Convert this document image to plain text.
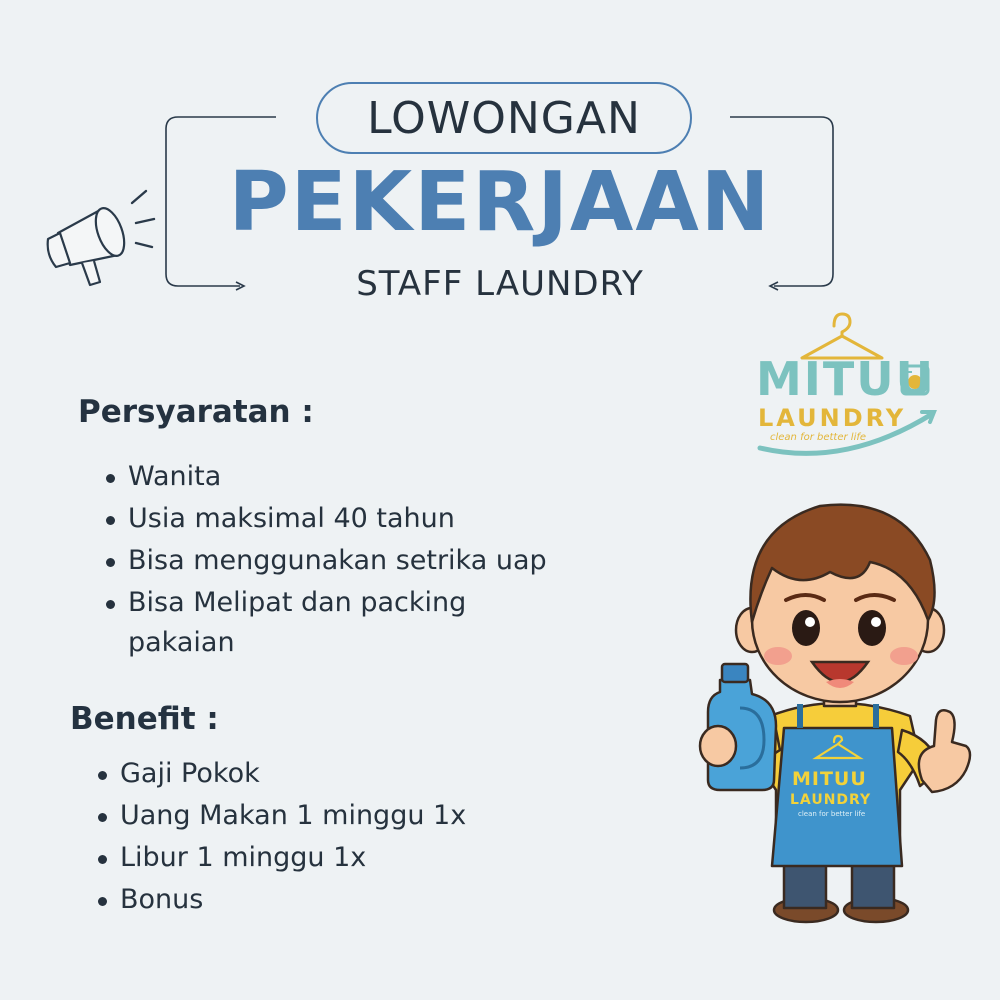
LOWONGAN
PEKERJAAN
STAFF LAUNDRY
MITUU
LAUNDRY
clean for better life
Persyaratan :
Wanita
Usia maksimal 40 tahun
Bisa menggunakan setrika uap
Bisa Melipat dan packing
pakaian
Benefit :
Gaji Pokok
Uang Makan 1 minggu 1x
Libur 1 minggu 1x
Bonus
MITUU
LAUNDRY
clean for better life
